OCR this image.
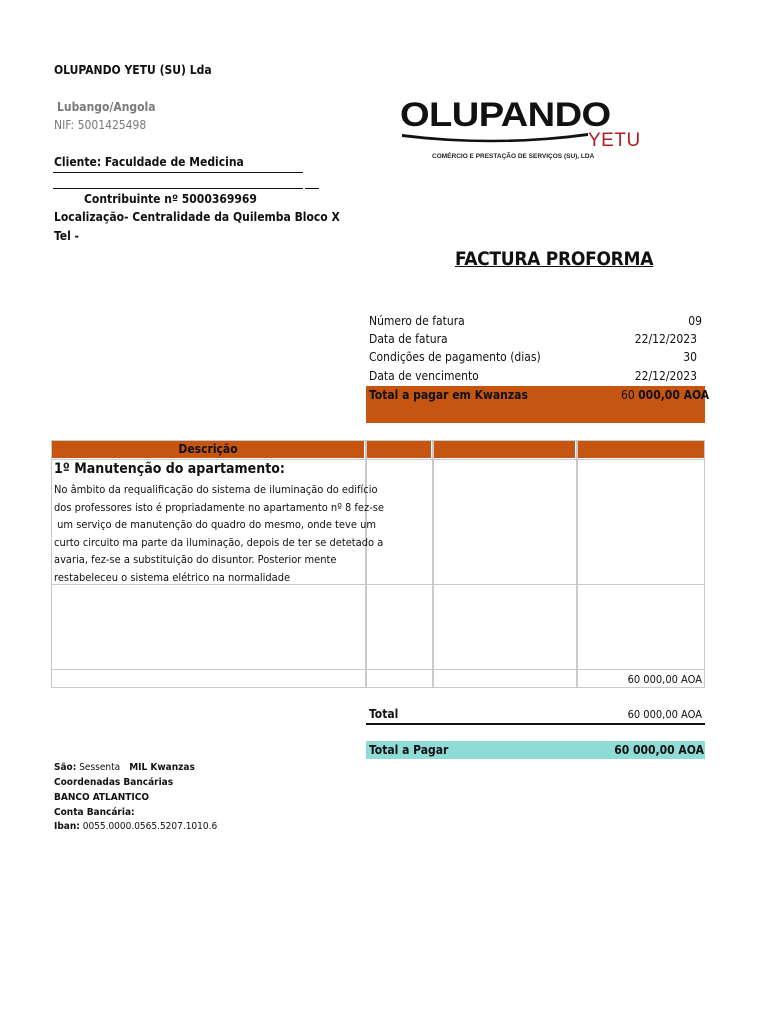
OLUPANDO YETU (SU) Lda
Lubango/Angola
NIF: 5001425498
Cliente: Faculdade de Medicina
Contribuinte nº 5000369969
Localização- Centralidade da Quilemba Bloco X
Tel -
OLUPANDO
YETU
COMÉRCIO E PRESTAÇÃO DE SERVIÇOS (SU), LDA
FACTURA PROFORMA
Número de fatura	09
Data de fatura	22/12/2023
Condições de pagamento (dias)	30
Data de vencimento	22/12/2023
Total a pagar em Kwanzas	60 000,00 AOA
Descrição
1º Manutenção do apartamento:
No âmbito da requalificação do sistema de iluminação do edifício
dos professores isto é propriadamente no apartamento nº 8 fez-se
um serviço de manutenção do quadro do mesmo, onde teve um
curto circuito ma parte da iluminação, depois de ter se detetado a
avaria, fez-se a substituição do disuntor. Posterior mente
restabeleceu o sistema elétrico na normalidade
60 000,00 AOA
Total	60 000,00 AOA
Total a Pagar	60 000,00 AOA
São: Sessenta   MIL Kwanzas
Coordenadas Bancárias
BANCO ATLANTICO
Conta Bancária:
Iban: 0055.0000.0565.5207.1010.6
